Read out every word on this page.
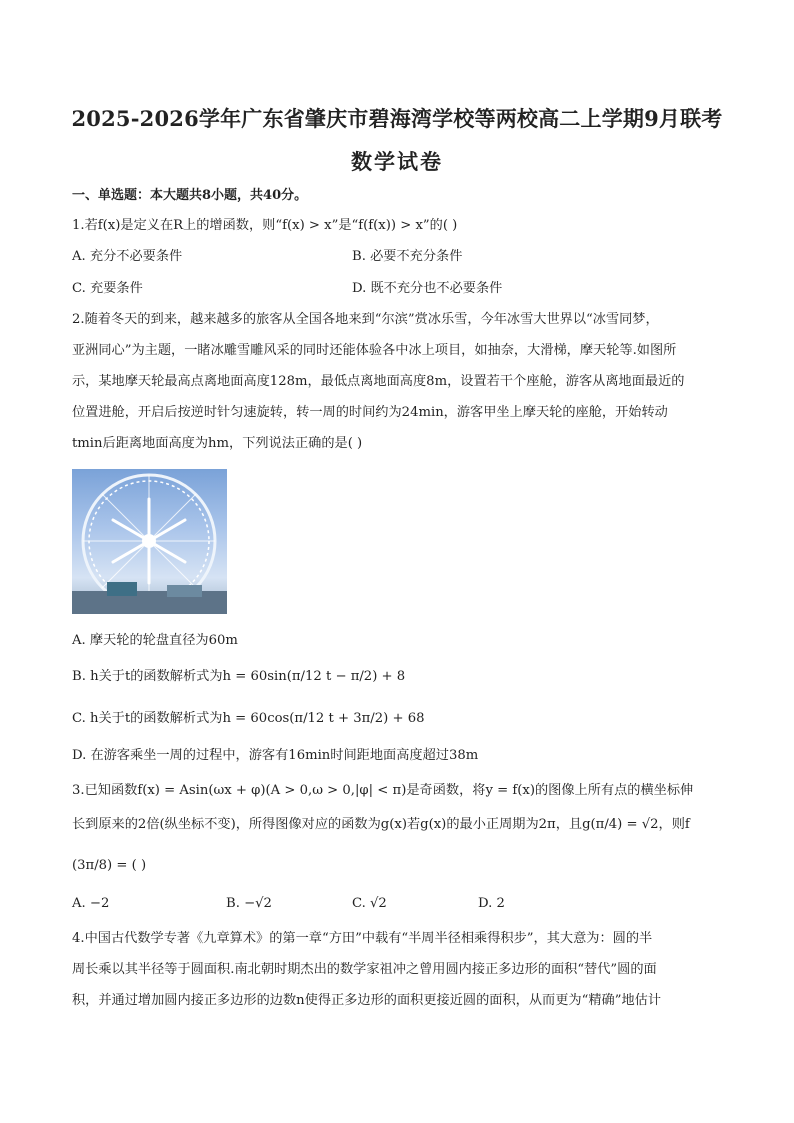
2025-2026学年广东省肇庆市碧海湾学校等两校高二上学期9月联考
数学试卷
一、单选题：本大题共8小题，共40分。
1.若f(x)是定义在R上的增函数，则“f(x) > x”是“f(f(x)) > x”的( )
A. 充分不必要条件	B. 必要不充分条件
C. 充要条件	D. 既不充分也不必要条件
2.随着冬天的到来，越来越多的旅客从全国各地来到“尔滨”赏冰乐雪，今年冰雪大世界以“冰雪同梦，
亚洲同心”为主题，一睹冰雕雪雕风采的同时还能体验各中冰上项目，如抽奈，大滑梯，摩天轮等.如图所
示，某地摩天轮最高点离地面高度128m，最低点离地面高度8m，设置若干个座舱，游客从离地面最近的
位置进舱，开启后按逆时针匀速旋转，转一周的时间约为24min，游客甲坐上摩天轮的座舱，开始转动
tmin后距离地面高度为hm，下列说法正确的是( )
A. 摩天轮的轮盘直径为60m
B. h关于t的函数解析式为h = 60sin(π/12 t − π/2) + 8
C. h关于t的函数解析式为h = 60cos(π/12 t + 3π/2) + 68
D. 在游客乘坐一周的过程中，游客有16min时间距地面高度超过38m
3.已知函数f(x) = Asin(ωx + φ)(A > 0,ω > 0,|φ| < π)是奇函数，将y = f(x)的图像上所有点的横坐标伸
长到原来的2倍(纵坐标不变)，所得图像对应的函数为g(x)若g(x)的最小正周期为2π，且g(π/4) = √2，则f
(3π/8) = ( )
A. −2	B. −√2	C. √2	D. 2
4.中国古代数学专著《九章算术》的第一章“方田”中载有“半周半径相乘得积步”，其大意为：圆的半
周长乘以其半径等于圆面积.南北朝时期杰出的数学家祖冲之曾用圆内接正多边形的面积“替代”圆的面
积，并通过增加圆内接正多边形的边数n使得正多边形的面积更接近圆的面积，从而更为“精确”地估计
